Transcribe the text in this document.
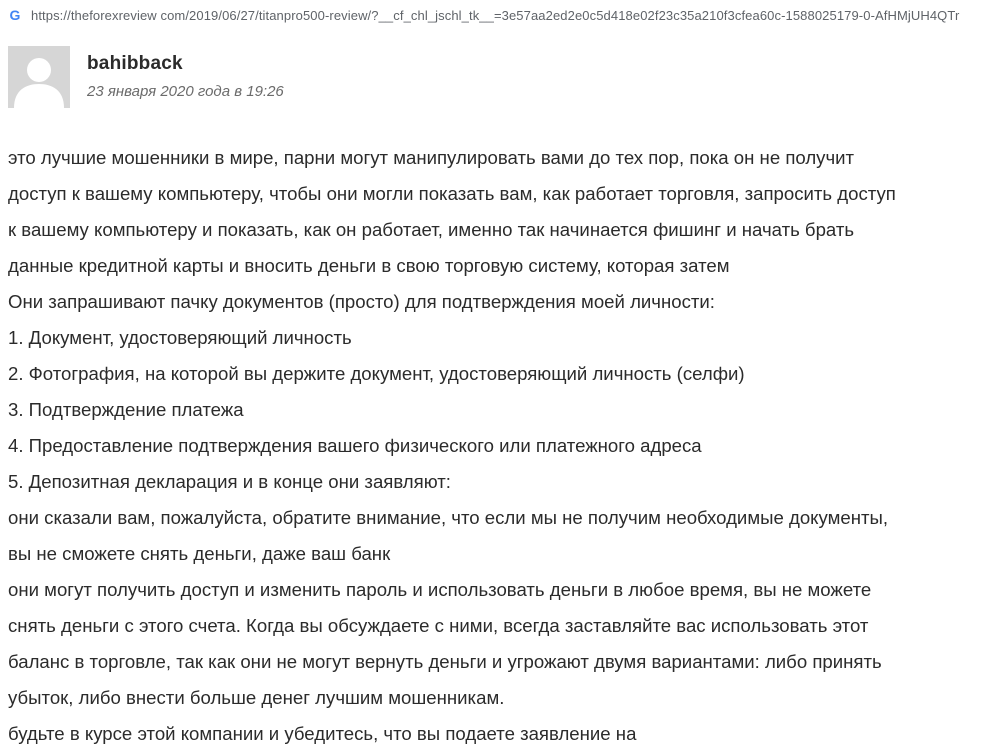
G https://theforexreview com/2019/06/27/titanpro500-review/?__cf_chl_jschl_tk__=3e57aa2ed2e0c5d418e02f23c35a210f3cfea60c-1588025179-0-AfHMjUH4QTr
bahibback
23 января 2020 года в 19:26
это лучшие мошенники в мире, парни могут манипулировать вами до тех пор, пока он не получит
доступ к вашему компьютеру, чтобы они могли показать вам, как работает торговля, запросить доступ
к вашему компьютеру и показать, как он работает, именно так начинается фишинг и начать брать
данные кредитной карты и вносить деньги в свою торговую систему, которая затем
Они запрашивают пачку документов (просто) для подтверждения моей личности:
1. Документ, удостоверяющий личность
2. Фотография, на которой вы держите документ, удостоверяющий личность (селфи)
3. Подтверждение платежа
4. Предоставление подтверждения вашего физического или платежного адреса
5. Депозитная декларация и в конце они заявляют:
они сказали вам, пожалуйста, обратите внимание, что если мы не получим необходимые документы,
вы не сможете снять деньги, даже ваш банк
они могут получить доступ и изменить пароль и использовать деньги в любое время, вы не можете
снять деньги с этого счета. Когда вы обсуждаете с ними, всегда заставляйте вас использовать этот
баланс в торговле, так как они не могут вернуть деньги и угрожают двумя вариантами: либо принять
убыток, либо внести больше денег лучшим мошенникам.
будьте в курсе этой компании и убедитесь, что вы подаете заявление на
